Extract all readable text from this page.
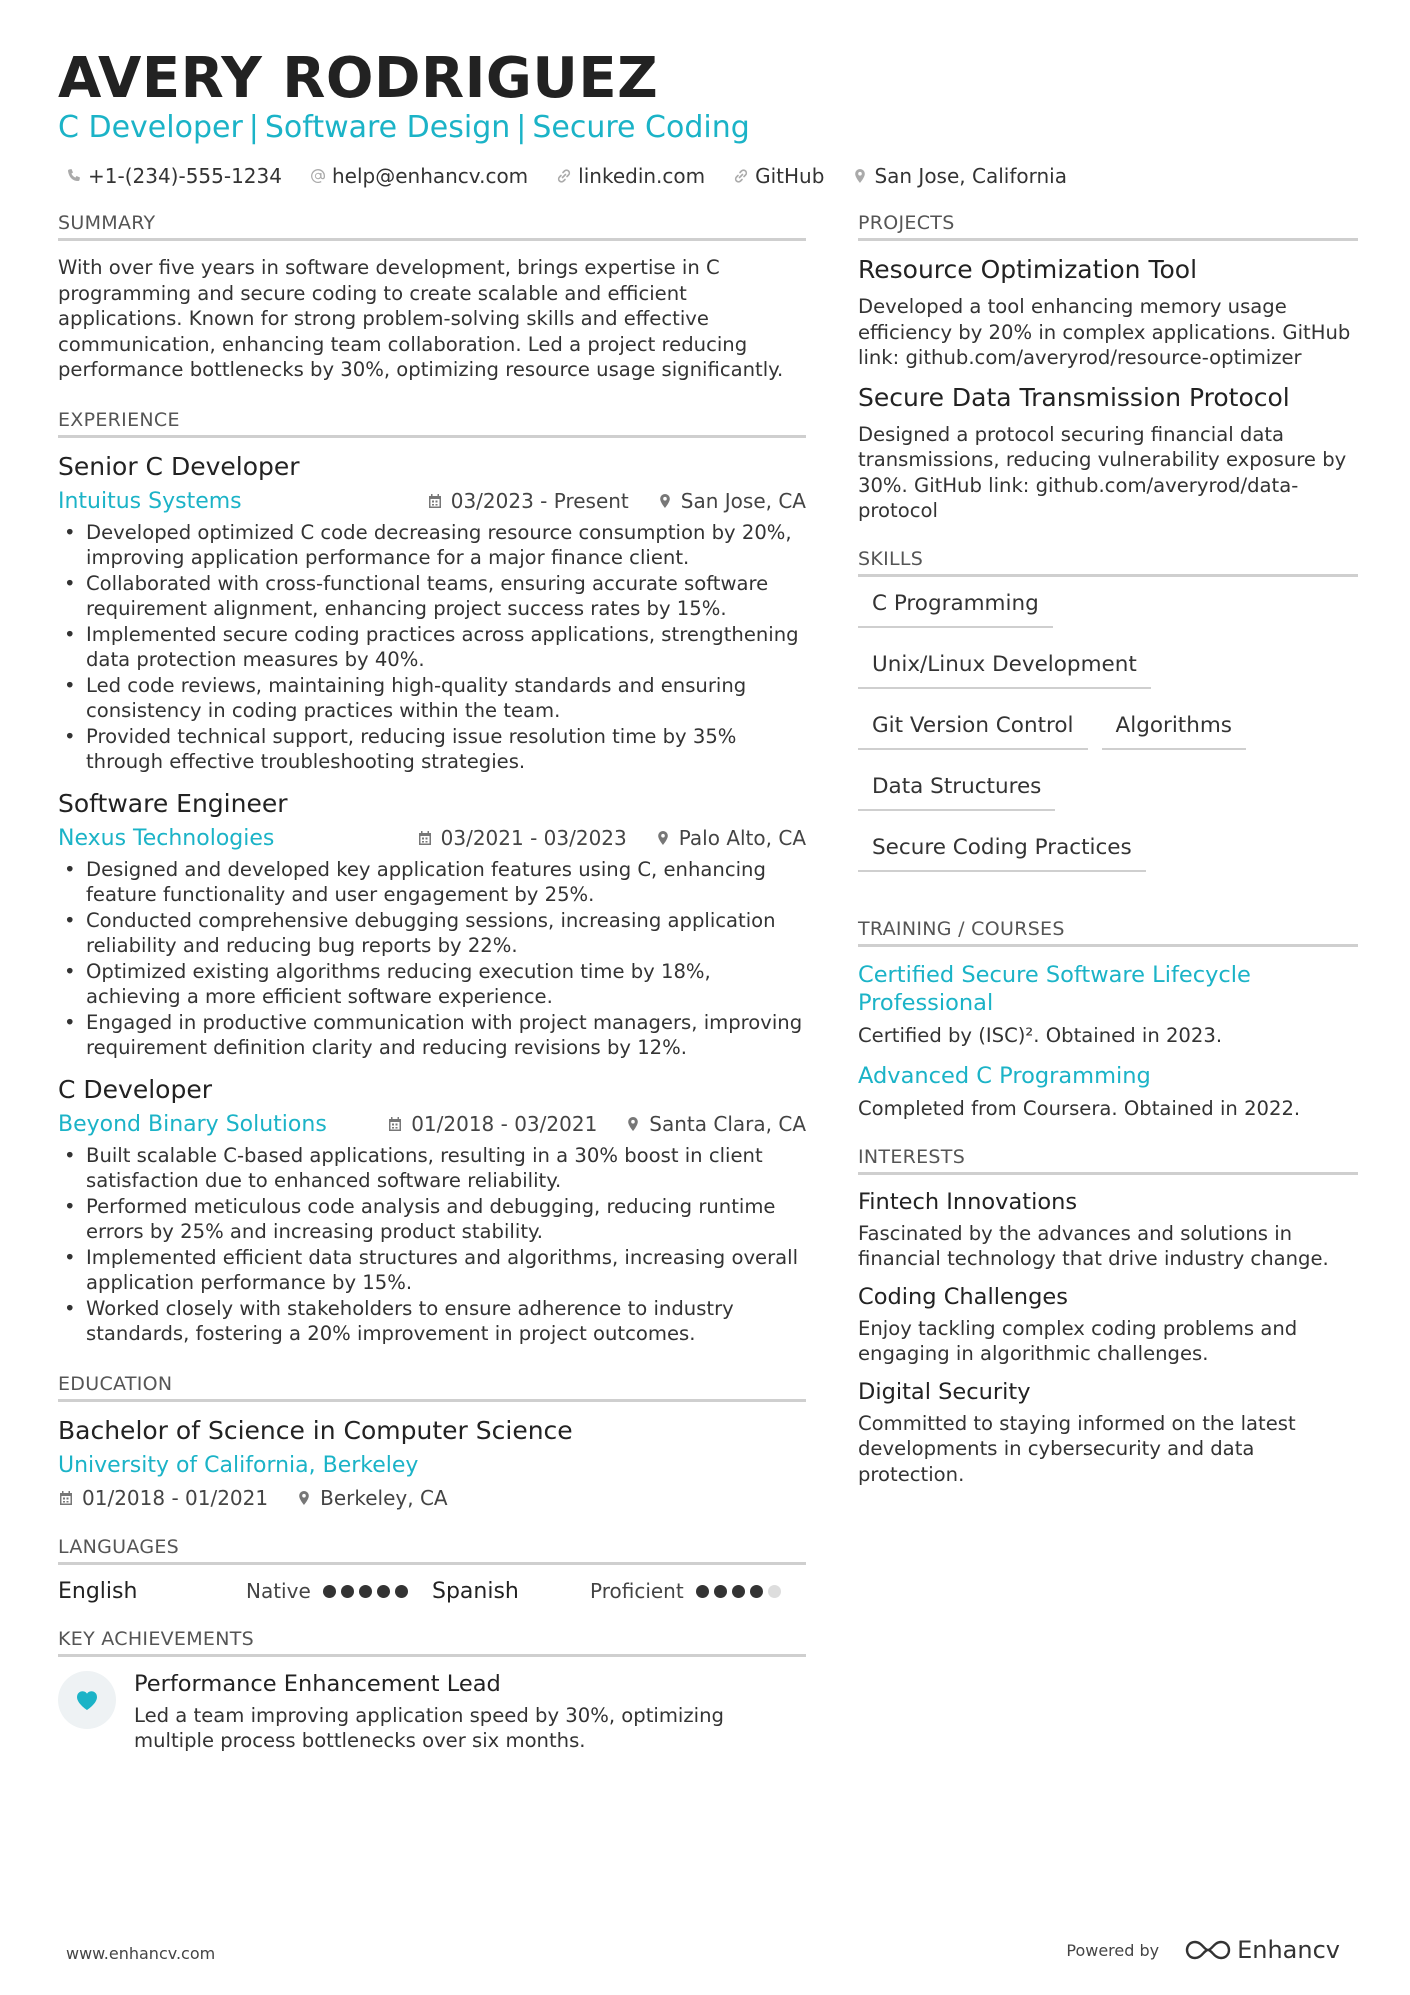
AVERY RODRIGUEZ
C Developer | Software Design | Secure Coding
+1-(234)-555-1234	help@enhancv.com	linkedin.com	GitHub	San Jose, California
SUMMARY
With over five years in software development, brings expertise in C programming and secure coding to create scalable and efficient applications. Known for strong problem-solving skills and effective communication, enhancing team collaboration. Led a project reducing performance bottlenecks by 30%, optimizing resource usage significantly.
EXPERIENCE
Senior C Developer
Intuitus Systems	03/2023 - Present	San Jose, CA
• Developed optimized C code decreasing resource consumption by 20%, improving application performance for a major finance client.
• Collaborated with cross-functional teams, ensuring accurate software requirement alignment, enhancing project success rates by 15%.
• Implemented secure coding practices across applications, strengthening data protection measures by 40%.
• Led code reviews, maintaining high-quality standards and ensuring consistency in coding practices within the team.
• Provided technical support, reducing issue resolution time by 35% through effective troubleshooting strategies.
Software Engineer
Nexus Technologies	03/2021 - 03/2023	Palo Alto, CA
• Designed and developed key application features using C, enhancing feature functionality and user engagement by 25%.
• Conducted comprehensive debugging sessions, increasing application reliability and reducing bug reports by 22%.
• Optimized existing algorithms reducing execution time by 18%, achieving a more efficient software experience.
• Engaged in productive communication with project managers, improving requirement definition clarity and reducing revisions by 12%.
C Developer
Beyond Binary Solutions	01/2018 - 03/2021	Santa Clara, CA
• Built scalable C-based applications, resulting in a 30% boost in client satisfaction due to enhanced software reliability.
• Performed meticulous code analysis and debugging, reducing runtime errors by 25% and increasing product stability.
• Implemented efficient data structures and algorithms, increasing overall application performance by 15%.
• Worked closely with stakeholders to ensure adherence to industry standards, fostering a 20% improvement in project outcomes.
EDUCATION
Bachelor of Science in Computer Science
University of California, Berkeley
01/2018 - 01/2021	Berkeley, CA
LANGUAGES
English	Native	Spanish	Proficient
KEY ACHIEVEMENTS
Performance Enhancement Lead
Led a team improving application speed by 30%, optimizing multiple process bottlenecks over six months.
PROJECTS
Resource Optimization Tool
Developed a tool enhancing memory usage efficiency by 20% in complex applications. GitHub link: github.com/averyrod/resource-optimizer
Secure Data Transmission Protocol
Designed a protocol securing financial data transmissions, reducing vulnerability exposure by 30%. GitHub link: github.com/averyrod/data-protocol
SKILLS
C Programming
Unix/Linux Development
Git Version Control	Algorithms
Data Structures
Secure Coding Practices
TRAINING / COURSES
Certified Secure Software Lifecycle Professional
Certified by (ISC)². Obtained in 2023.
Advanced C Programming
Completed from Coursera. Obtained in 2022.
INTERESTS
Fintech Innovations
Fascinated by the advances and solutions in financial technology that drive industry change.
Coding Challenges
Enjoy tackling complex coding problems and engaging in algorithmic challenges.
Digital Security
Committed to staying informed on the latest developments in cybersecurity and data protection.
www.enhancv.com	Powered by	Enhancv
